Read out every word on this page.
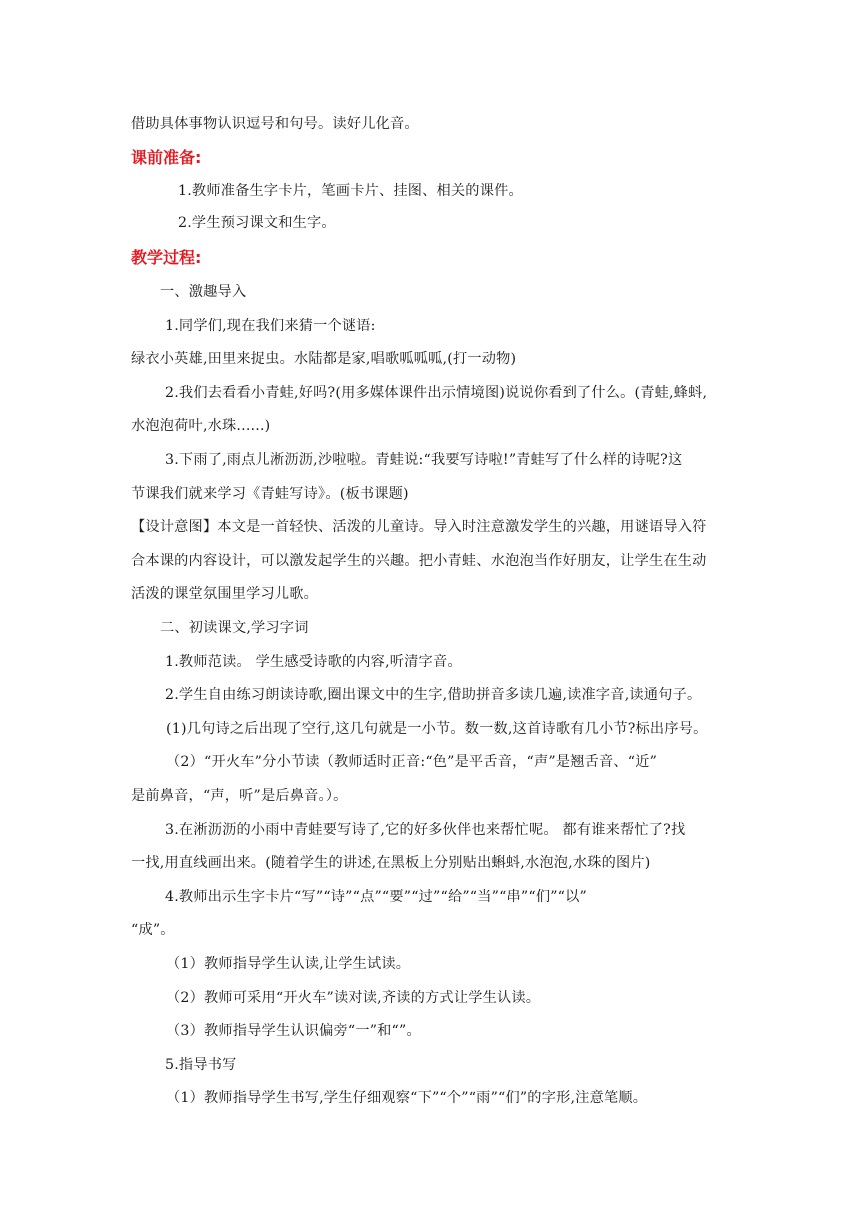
借助具体事物认识逗号和句号。读好儿化音。
课前准备:
1.教师准备生字卡片，笔画卡片、挂图、相关的课件。
2.学生预习课文和生字。
教学过程:
一、激趣导入
1.同学们,现在我们来猜一个谜语:
绿衣小英雄,田里来捉虫。水陆都是家,唱歌呱呱呱,(打一动物)
2.我们去看看小青蛙,好吗?(用多媒体课件出示情境图)说说你看到了什么。(青蛙,蜂蚪,
水泡泡荷叶,水珠......)
3.下雨了,雨点儿淅沥沥,沙啦啦。青蛙说:“我要写诗啦!”青蛙写了什么样的诗呢?这
节课我们就来学习《青蛙写诗》。(板书课题)
【设计意图】本文是一首轻快、活泼的儿童诗。导入时注意激发学生的兴趣，用谜语导入符
合本课的内容设计，可以激发起学生的兴趣。把小青蛙、水泡泡当作好朋友，让学生在生动
活泼的课堂氛围里学习儿歌。
二、初读课文,学习字词
1.教师范读。 学生感受诗歌的内容,听清字音。
2.学生自由练习朗读诗歌,圈出课文中的生字,借助拼音多读几遍,读准字音,读通句子。
(1)几句诗之后出现了空行,这几句就是一小节。数一数,这首诗歌有几小节?标出序号。
（2）“开火车”分小节读（教师适时正音:“色”是平舌音，“声”是翘舌音、“近”
是前鼻音，“声，听”是后鼻音。）。
3.在淅沥沥的小雨中青蛙要写诗了,它的好多伙伴也来帮忙呢。 都有谁来帮忙了?找
一找,用直线画出来。(随着学生的讲述,在黑板上分别贴出蝌蚪,水泡泡,水珠的图片)
4.教师出示生字卡片“写”“诗”“点”“要”“过”“给”“当”“串”“们”“以”
“成”。
（1）教师指导学生认读,让学生试读。
（2）教师可采用“开火车”读对读,齐读的方式让学生认读。
（3）教师指导学生认识偏旁“一”和“”。
5.指导书写
（1）教师指导学生书写,学生仔细观察“下”“个”“雨”“们”的字形,注意笔顺。
